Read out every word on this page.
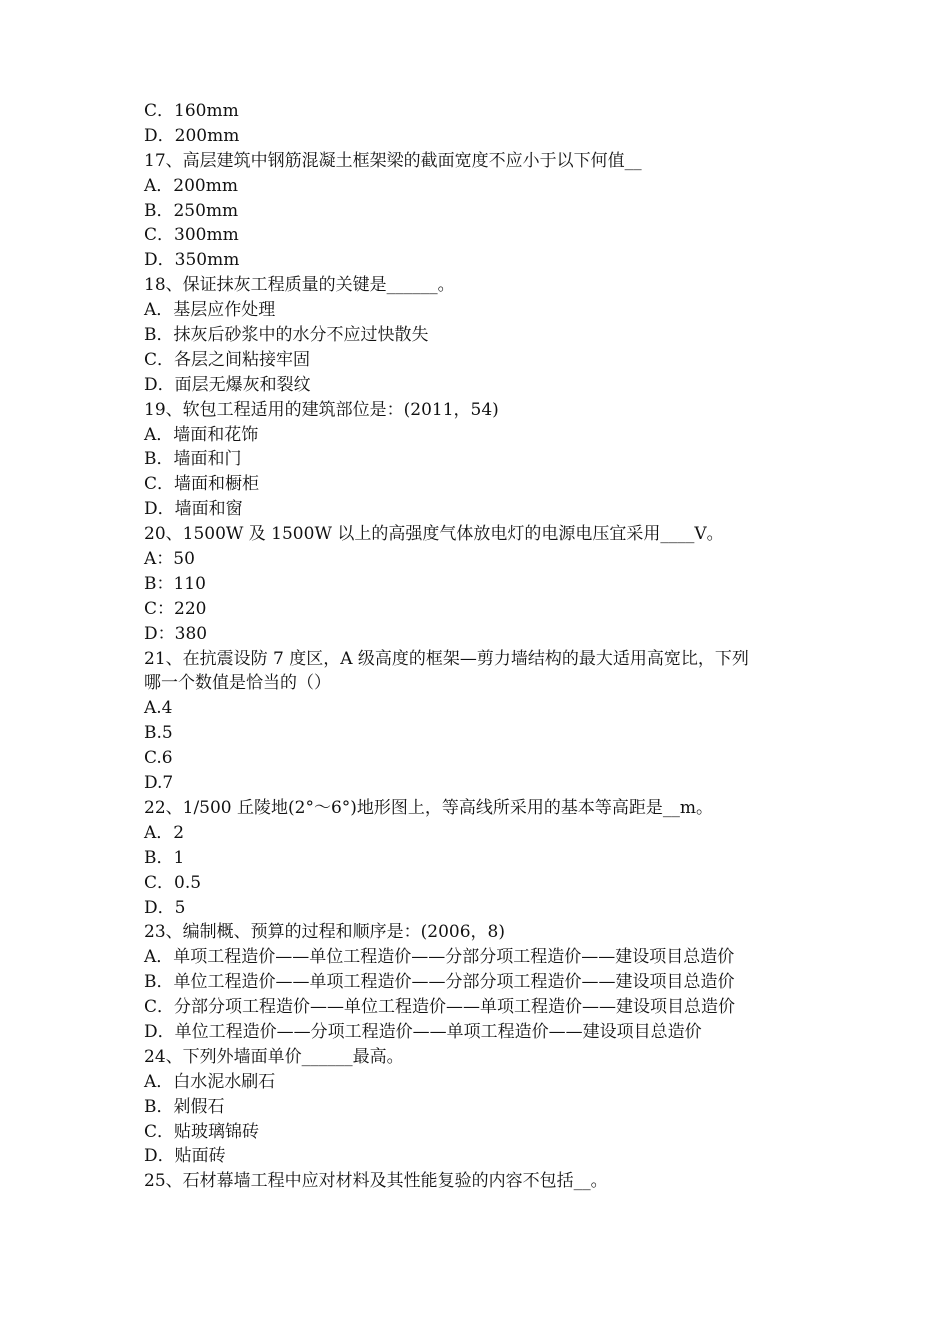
C．160mm
D．200mm
17、高层建筑中钢筋混凝土框架梁的截面宽度不应小于以下何值__
A．200mm
B．250mm
C．300mm
D．350mm
18、保证抹灰工程质量的关键是______。
A．基层应作处理
B．抹灰后砂浆中的水分不应过快散失
C．各层之间粘接牢固
D．面层无爆灰和裂纹
19、软包工程适用的建筑部位是：(2011，54)
A．墙面和花饰
B．墙面和门
C．墙面和橱柜
D．墙面和窗
20、1500W 及 1500W 以上的高强度气体放电灯的电源电压宜采用____V。
A：50
B：110
C：220
D：380
21、在抗震设防 7 度区，A 级高度的框架—剪力墙结构的最大适用高宽比，下列
哪一个数值是恰当的（）
A.4
B.5
C.6
D.7
22、1/500 丘陵地(2°～6°)地形图上，等高线所采用的基本等高距是__m。
A．2
B．1
C．0.5
D．5
23、编制概、预算的过程和顺序是：(2006，8)
A．单项工程造价——单位工程造价——分部分项工程造价——建设项目总造价
B．单位工程造价——单项工程造价——分部分项工程造价——建设项目总造价
C．分部分项工程造价——单位工程造价——单项工程造价——建设项目总造价
D．单位工程造价——分项工程造价——单项工程造价——建设项目总造价
24、下列外墙面单价______最高。
A．白水泥水刷石
B．剁假石
C．贴玻璃锦砖
D．贴面砖
25、石材幕墙工程中应对材料及其性能复验的内容不包括__。
